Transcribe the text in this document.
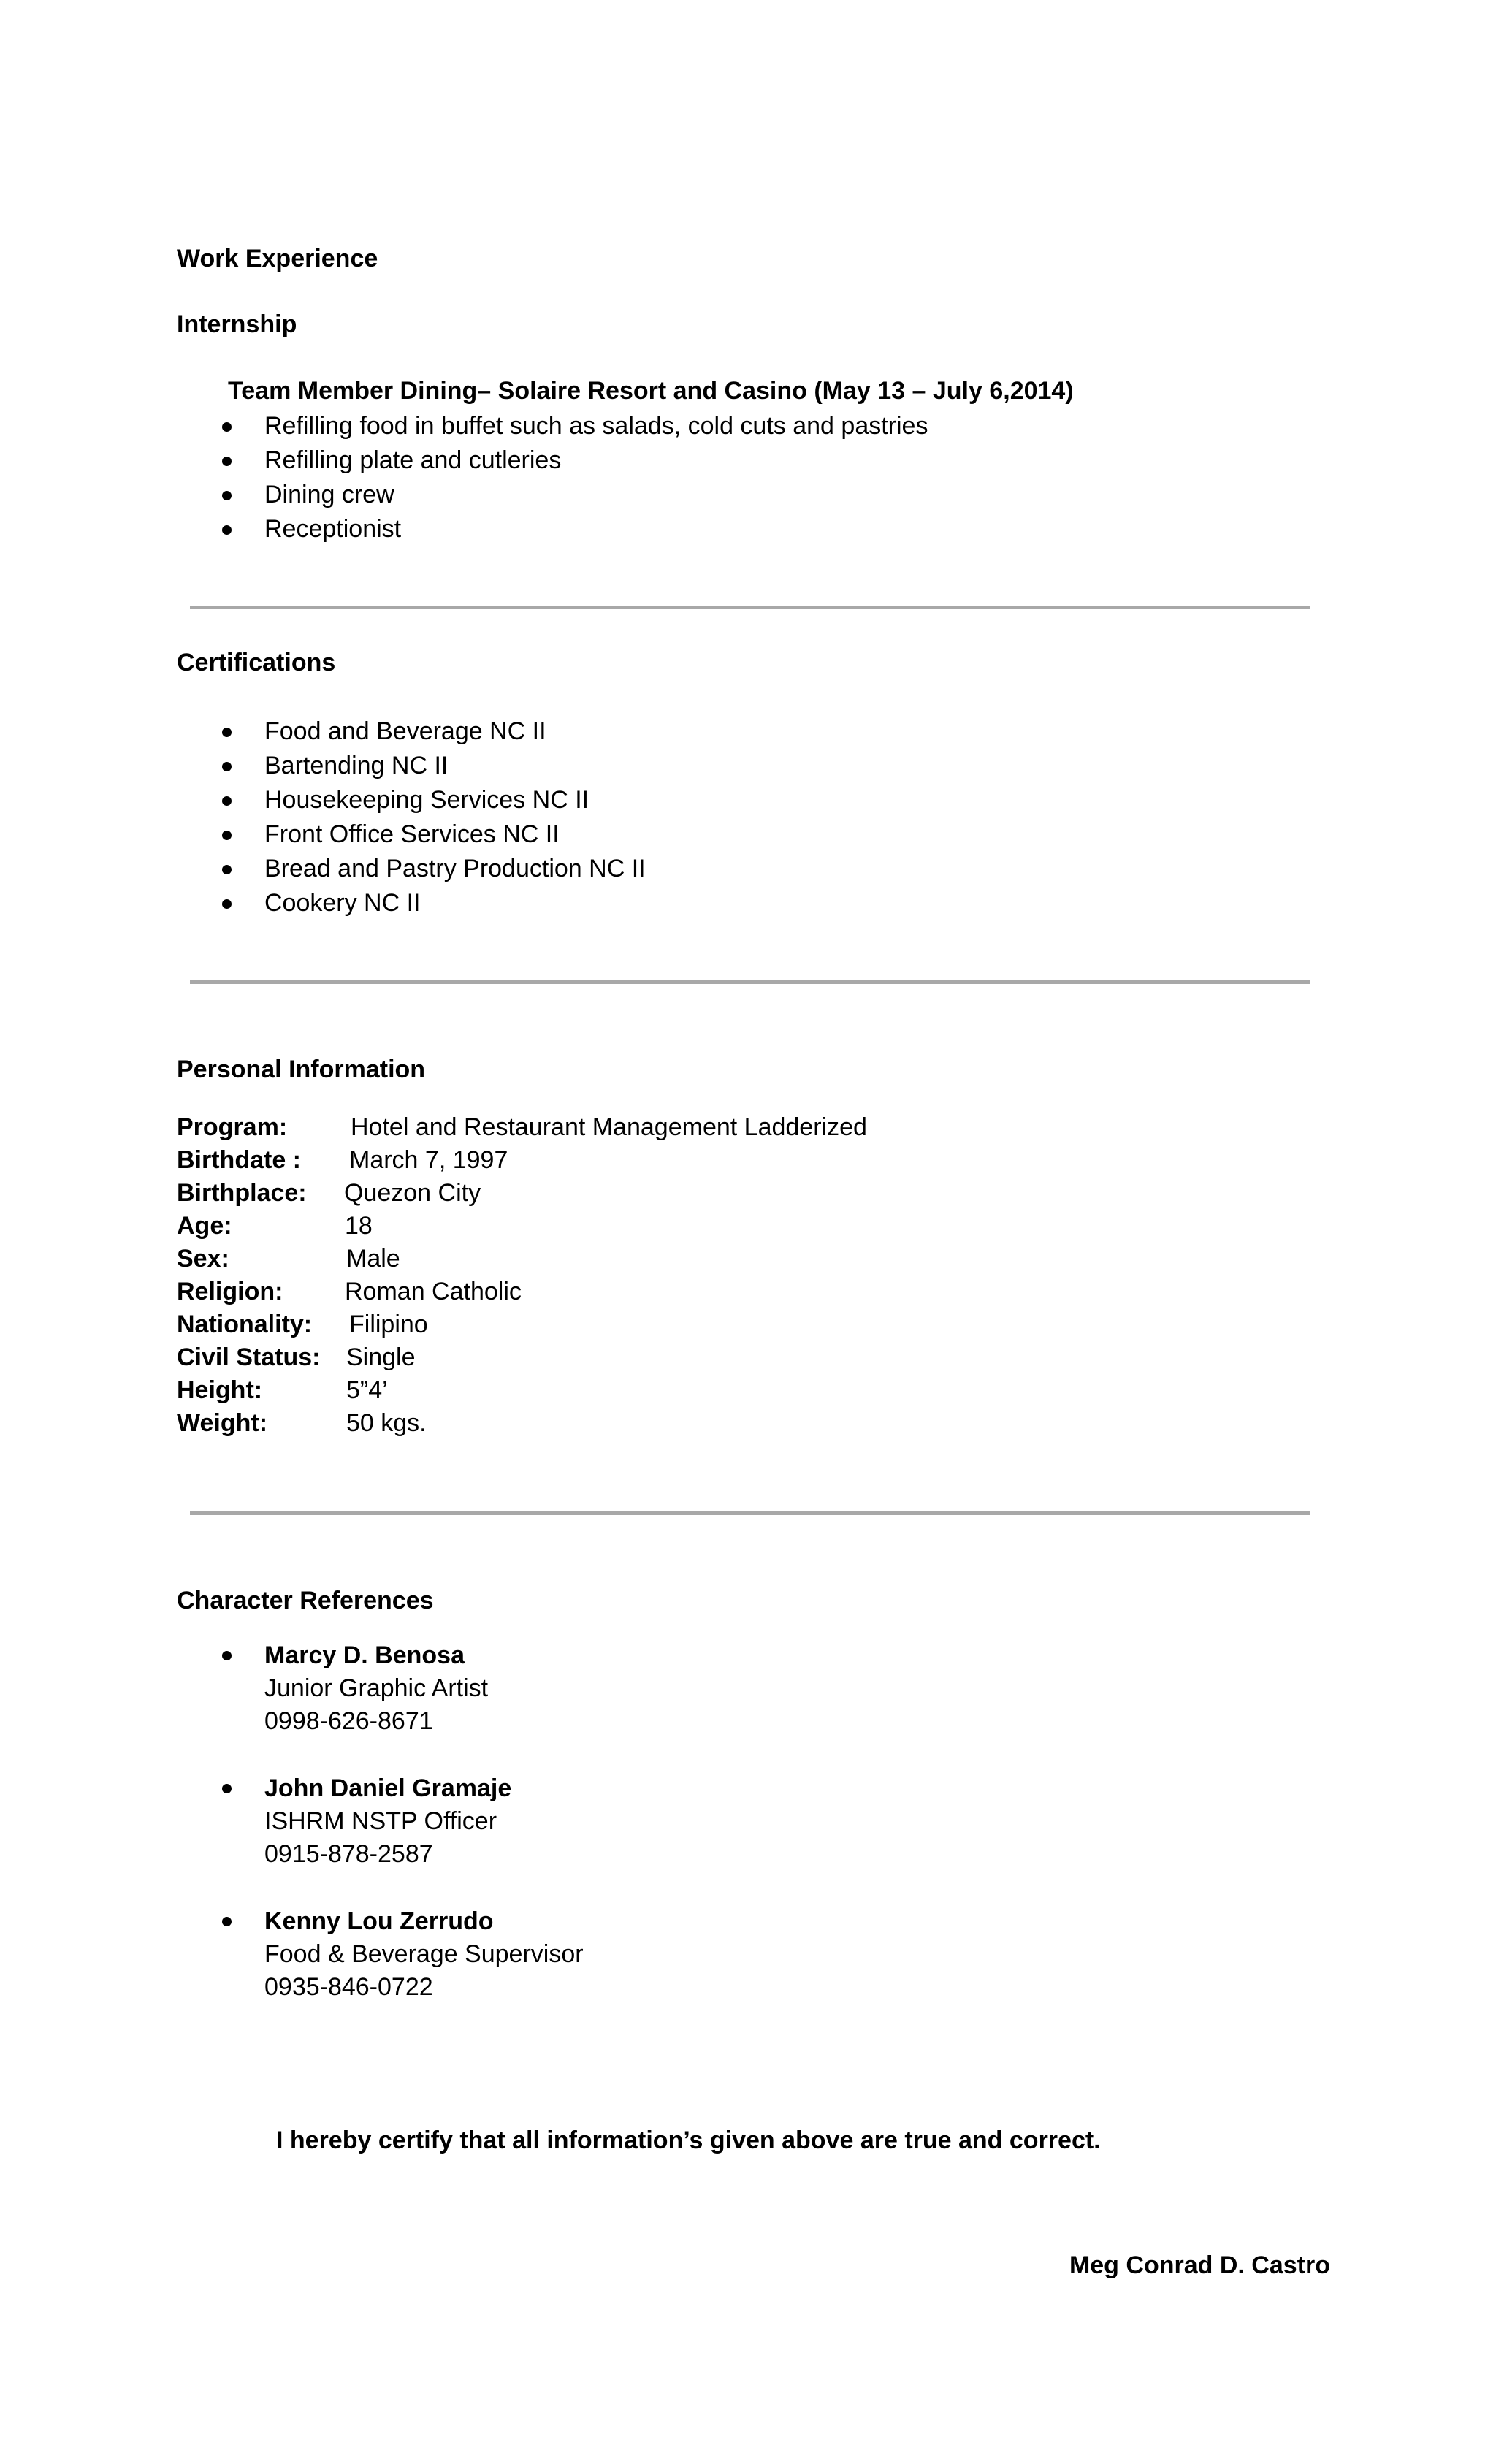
Work Experience

Internship

Team Member Dining– Solaire Resort and Casino (May 13 – July 6,2014)

Refilling food in buffet such as salads, cold cuts and pastries
Refilling plate and cutleries
Dining crew
Receptionist

Certifications

Food and Beverage NC II
Bartending NC II
Housekeeping Services NC II
Front Office Services NC II
Bread and Pastry Production NC II
Cookery NC II

Personal Information

Program:	Hotel and Restaurant Management Ladderized
Birthdate : March 7, 1997
Birthplace: Quezon City
Age:	18
Sex:	Male
Religion: Roman Catholic
Nationality: Filipino
Civil Status: Single
Height:	5”4’
Weight:	50 kgs.

Character References

Marcy D. Benosa
Junior Graphic Artist
0998-626-8671
John Daniel Gramaje
ISHRM NSTP Officer
0915-878-2587
Kenny Lou Zerrudo
Food & Beverage Supervisor
0935-846-0722

I hereby certify that all information’s given above are true and correct.

Meg Conrad D. Castro
